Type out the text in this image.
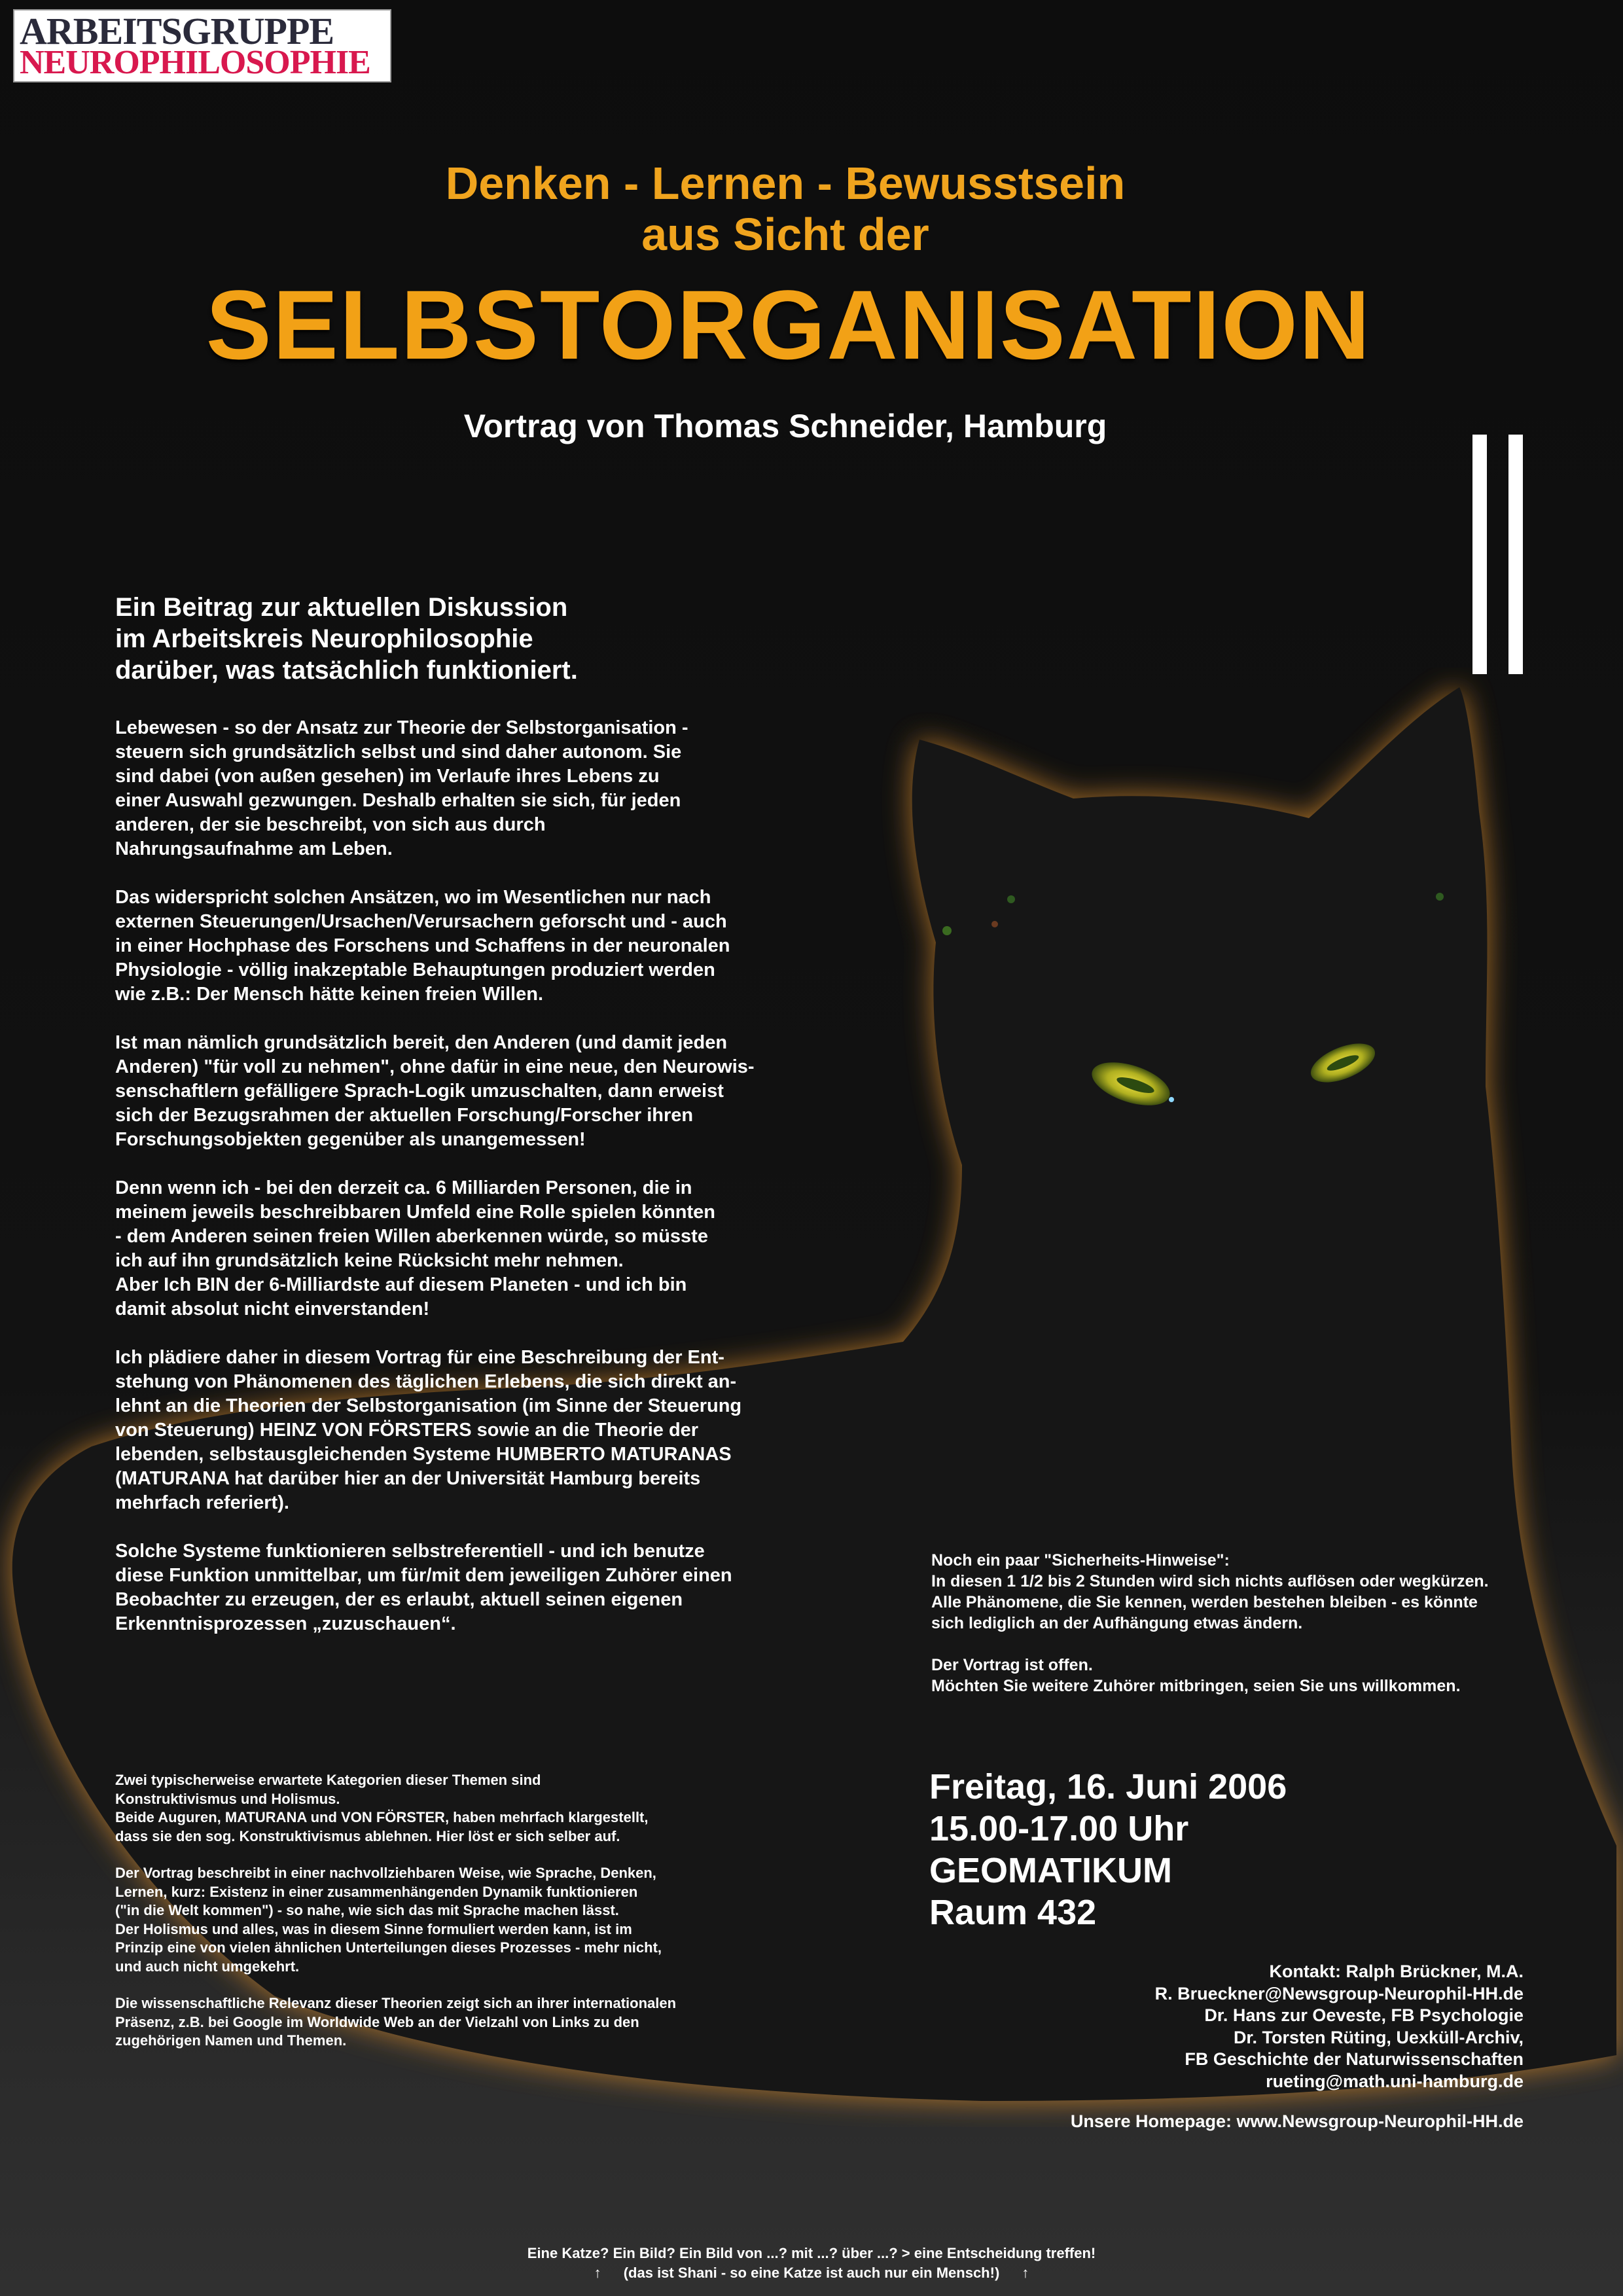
ARBEITSGRUPPE
NEUROPHILOSOPHIE
Denken - Lernen - Bewusstsein
aus Sicht der
SELBSTORGANISATION
Vortrag von Thomas Schneider, Hamburg
Ein Beitrag zur aktuellen Diskussion
im Arbeitskreis Neurophilosophie
darüber, was tatsächlich funktioniert.

Lebewesen - so der Ansatz zur Theorie der Selbstorganisation -
steuern sich grundsätzlich selbst und sind daher autonom. Sie
sind dabei (von außen gesehen) im Verlaufe ihres Lebens zu
einer Auswahl gezwungen. Deshalb erhalten sie sich, für jeden
anderen, der sie beschreibt, von sich aus durch
Nahrungsaufnahme am Leben.

Das widerspricht solchen Ansätzen, wo im Wesentlichen nur nach
externen Steuerungen/Ursachen/Verursachern geforscht und - auch
in einer Hochphase des Forschens und Schaffens in der neuronalen
Physiologie - völlig inakzeptable Behauptungen produziert werden
wie z.B.: Der Mensch hätte keinen freien Willen.

Ist man nämlich grundsätzlich bereit, den Anderen (und damit jeden
Anderen) "für voll zu nehmen", ohne dafür in eine neue, den Neurowis-
senschaftlern gefälligere Sprach-Logik umzuschalten, dann erweist
sich der Bezugsrahmen der aktuellen Forschung/Forscher ihren
Forschungsobjekten gegenüber als unangemessen!

Denn wenn ich - bei den derzeit ca. 6 Milliarden Personen, die in
meinem jeweils beschreibbaren Umfeld eine Rolle spielen könnten
- dem Anderen seinen freien Willen aberkennen würde, so müsste
ich auf ihn grundsätzlich keine Rücksicht mehr nehmen.
Aber Ich BIN der 6-Milliardste auf diesem Planeten - und ich bin
damit absolut nicht einverstanden!

Ich plädiere daher in diesem Vortrag für eine Beschreibung der Ent-
stehung von Phänomenen des täglichen Erlebens, die sich direkt an-
lehnt an die Theorien der Selbstorganisation (im Sinne der Steuerung
von Steuerung) HEINZ VON FÖRSTERS sowie an die Theorie der
lebenden, selbstausgleichenden Systeme HUMBERTO MATURANAS
(MATURANA hat darüber hier an der Universität Hamburg bereits
mehrfach referiert).

Solche Systeme funktionieren selbstreferentiell - und ich benutze
diese Funktion unmittelbar, um für/mit dem jeweiligen Zuhörer einen
Beobachter zu erzeugen, der es erlaubt, aktuell seinen eigenen
Erkenntnisprozessen „zuzuschauen“.

Zwei typischerweise erwartete Kategorien dieser Themen sind
Konstruktivismus und Holismus.
Beide Auguren, MATURANA und VON FÖRSTER, haben mehrfach klargestellt,
dass sie den sog. Konstruktivismus ablehnen. Hier löst er sich selber auf.

Der Vortrag beschreibt in einer nachvollziehbaren Weise, wie Sprache, Denken,
Lernen, kurz: Existenz in einer zusammenhängenden Dynamik funktionieren
("in die Welt kommen") - so nahe, wie sich das mit Sprache machen lässt.
Der Holismus und alles, was in diesem Sinne formuliert werden kann, ist im
Prinzip eine von vielen ähnlichen Unterteilungen dieses Prozesses - mehr nicht,
und auch nicht umgekehrt.

Die wissenschaftliche Relevanz dieser Theorien zeigt sich an ihrer internationalen
Präsenz, z.B. bei Google im Worldwide Web an der Vielzahl von Links zu den
zugehörigen Namen und Themen.

Noch ein paar "Sicherheits-Hinweise":
In diesen 1 1/2 bis 2 Stunden wird sich nichts auflösen oder wegkürzen.
Alle Phänomene, die Sie kennen, werden bestehen bleiben - es könnte
sich lediglich an der Aufhängung etwas ändern.

Der Vortrag ist offen.
Möchten Sie weitere Zuhörer mitbringen, seien Sie uns willkommen.

Freitag, 16. Juni 2006
15.00-17.00 Uhr
GEOMATIKUM
Raum 432
Kontakt: Ralph Brückner, M.A.
R. Brueckner@Newsgroup-Neurophil-HH.de
Dr. Hans zur Oeveste, FB Psychologie
Dr. Torsten Rüting, Uexküll-Archiv,
FB Geschichte der Naturwissenschaften
rueting@math.uni-hamburg.de
Unsere Homepage: www.Newsgroup-Neurophil-HH.de
Eine Katze? Ein Bild? Ein Bild von ...? mit ...? über ...? > eine Entscheidung treffen!
↑ (das ist Shani - so eine Katze ist auch nur ein Mensch!) ↑
